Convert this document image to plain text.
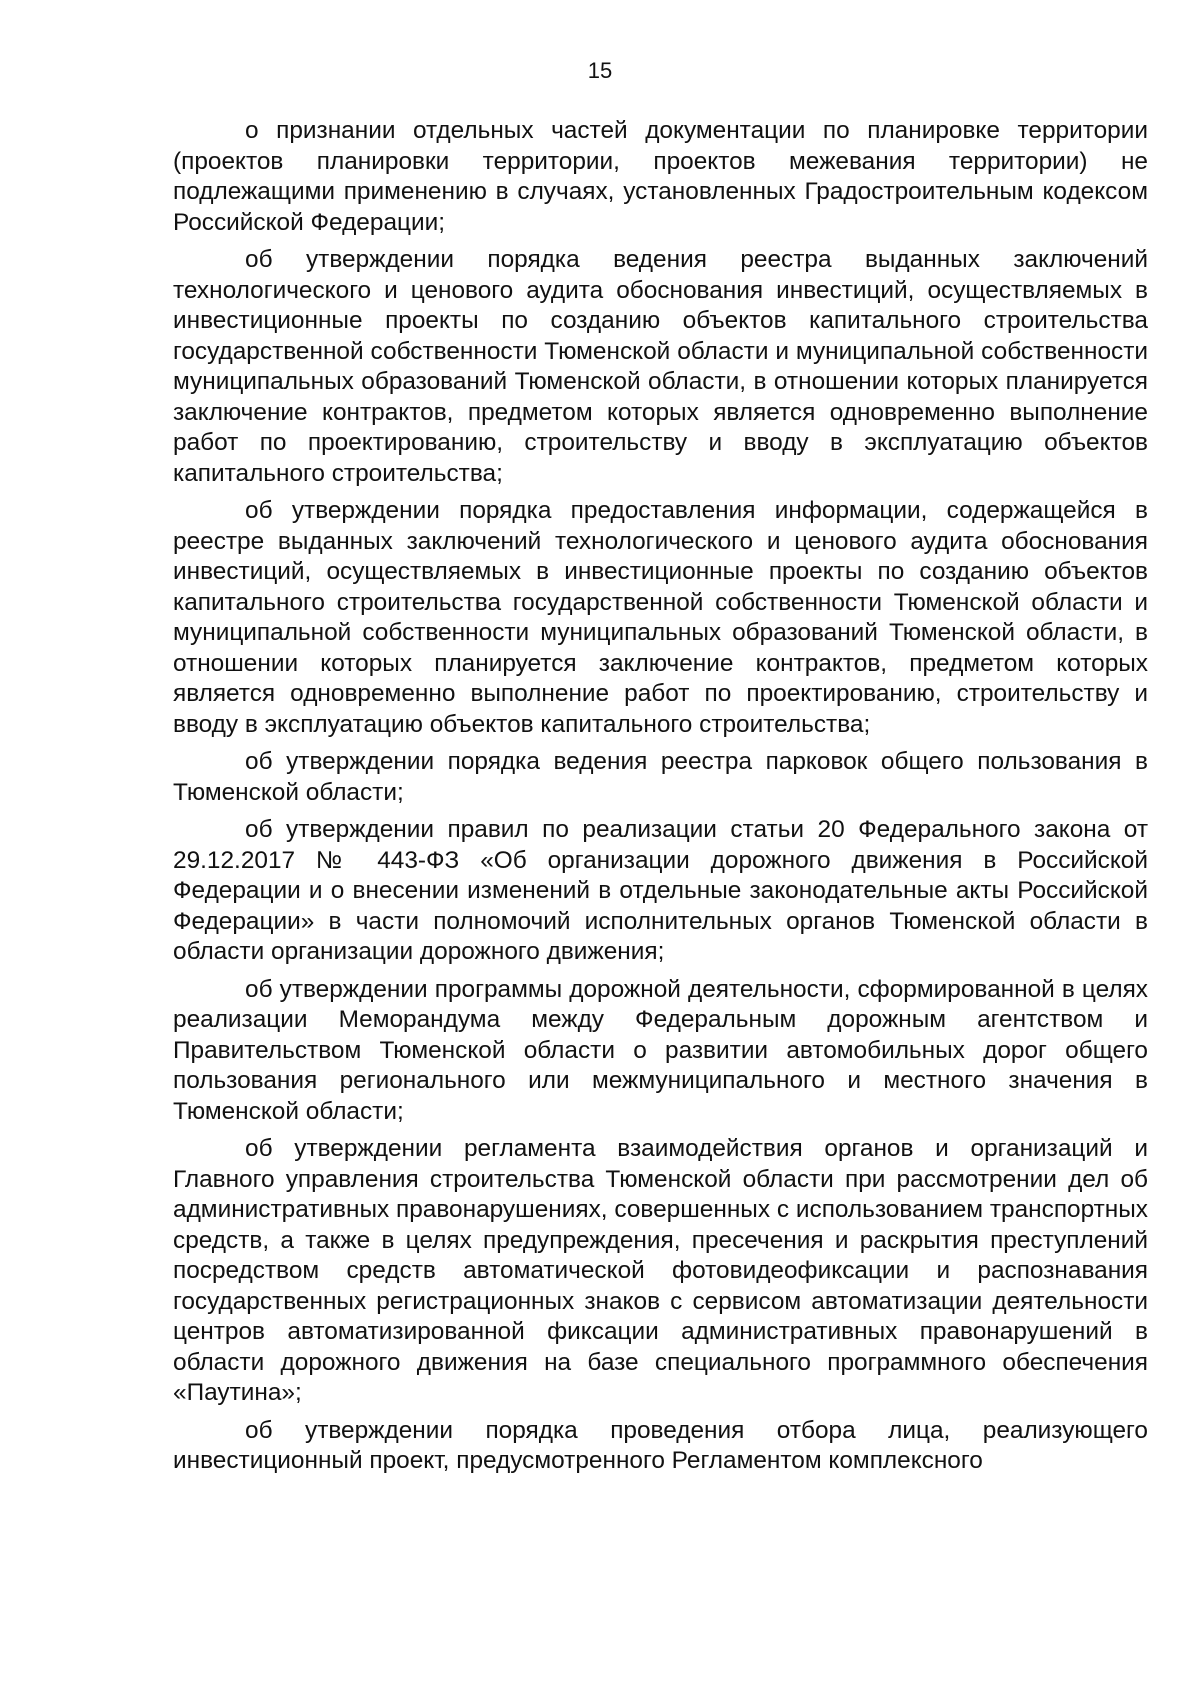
15

о признании отдельных частей документации по планировке территории (проектов планировки территории, проектов межевания территории) не подлежащими применению в случаях, установленных Градостроительным кодексом Российской Федерации;

об утверждении порядка ведения реестра выданных заключений технологического и ценового аудита обоснования инвестиций, осуществляемых в инвестиционные проекты по созданию объектов капитального строительства государственной собственности Тюменской области и муниципальной собственности муниципальных образований Тюменской области, в отношении которых планируется заключение контрактов, предметом которых является одновременно выполнение работ по проектированию, строительству и вводу в эксплуатацию объектов капитального строительства;

об утверждении порядка предоставления информации, содержащейся в реестре выданных заключений технологического и ценового аудита обоснования инвестиций, осуществляемых в инвестиционные проекты по созданию объектов капитального строительства государственной собственности Тюменской области и муниципальной собственности муниципальных образований Тюменской области, в отношении которых планируется заключение контрактов, предметом которых является одновременно выполнение работ по проектированию, строительству и вводу в эксплуатацию объектов капитального строительства;

об утверждении порядка ведения реестра парковок общего пользования в Тюменской области;

об утверждении правил по реализации статьи 20 Федерального закона от 29.12.2017 № 443-ФЗ «Об организации дорожного движения в Российской Федерации и о внесении изменений в отдельные законодательные акты Российской Федерации» в части полномочий исполнительных органов Тюменской области в области организации дорожного движения;

об утверждении программы дорожной деятельности, сформированной в целях реализации Меморандума между Федеральным дорожным агентством и Правительством Тюменской области о развитии автомобильных дорог общего пользования регионального или межмуниципального и местного значения в Тюменской области;

об утверждении регламента взаимодействия органов и организаций и Главного управления строительства Тюменской области при рассмотрении дел об административных правонарушениях, совершенных с использованием транспортных средств, а также в целях предупреждения, пресечения и раскрытия преступлений посредством средств автоматической фотовидеофиксации и распознавания государственных регистрационных знаков с сервисом автоматизации деятельности центров автоматизированной фиксации административных правонарушений в области дорожного движения на базе специального программного обеспечения «Паутина»;

об утверждении порядка проведения отбора лица, реализующего инвестиционный проект, предусмотренного Регламентом комплексного
